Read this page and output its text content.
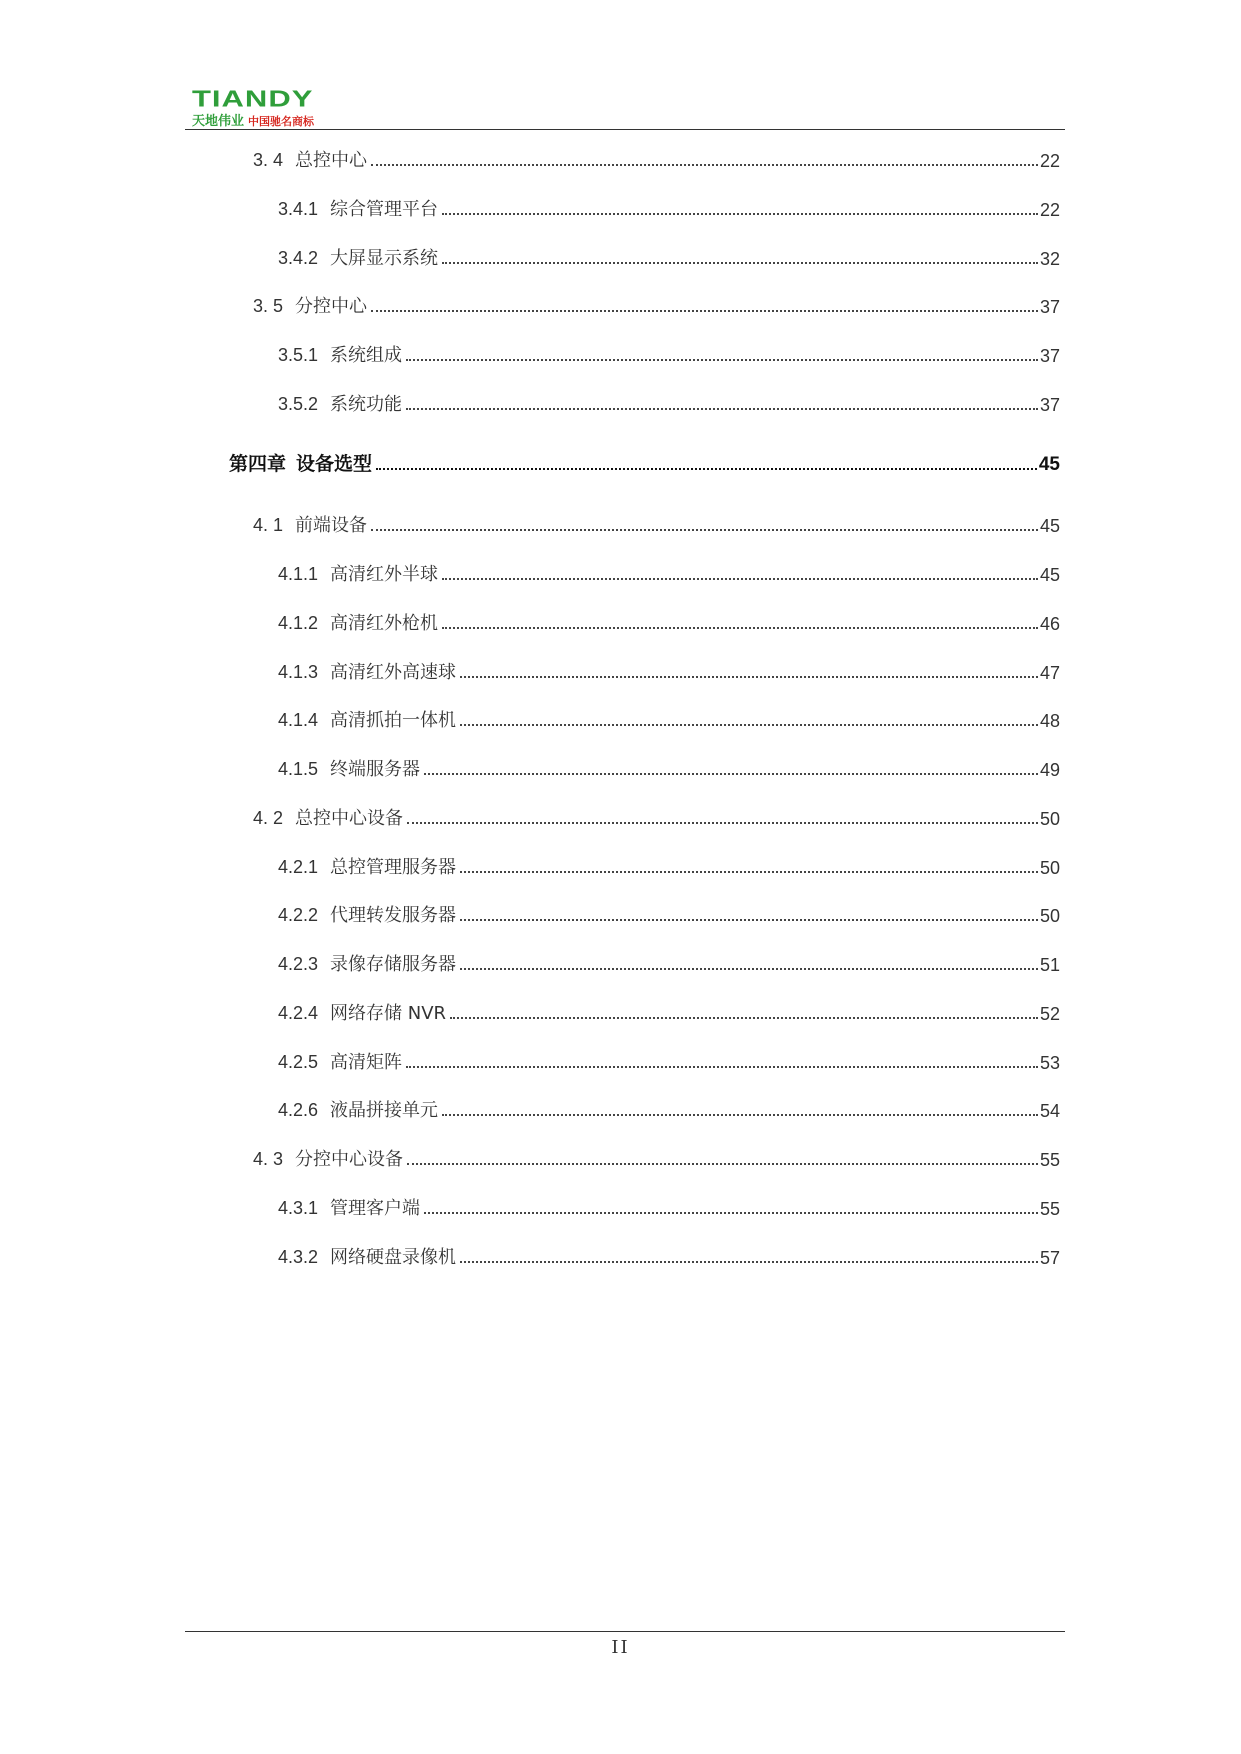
TIANDY
天地伟业 中国驰名商标
3. 4 总控中心	22
3.4.1 综合管理平台	22
3.4.2 大屏显示系统	32
3. 5 分控中心	37
3.5.1 系统组成	37
3.5.2 系统功能	37
第四章 设备选型	45
4. 1 前端设备	45
4.1.1 高清红外半球	45
4.1.2 高清红外枪机	46
4.1.3 高清红外高速球	47
4.1.4 高清抓拍一体机	48
4.1.5 终端服务器	49
4. 2 总控中心设备	50
4.2.1 总控管理服务器	50
4.2.2 代理转发服务器	50
4.2.3 录像存储服务器	51
4.2.4 网络存储 NVR	52
4.2.5 高清矩阵	53
4.2.6 液晶拼接单元	54
4. 3 分控中心设备	55
4.3.1 管理客户端	55
4.3.2 网络硬盘录像机	57
II
